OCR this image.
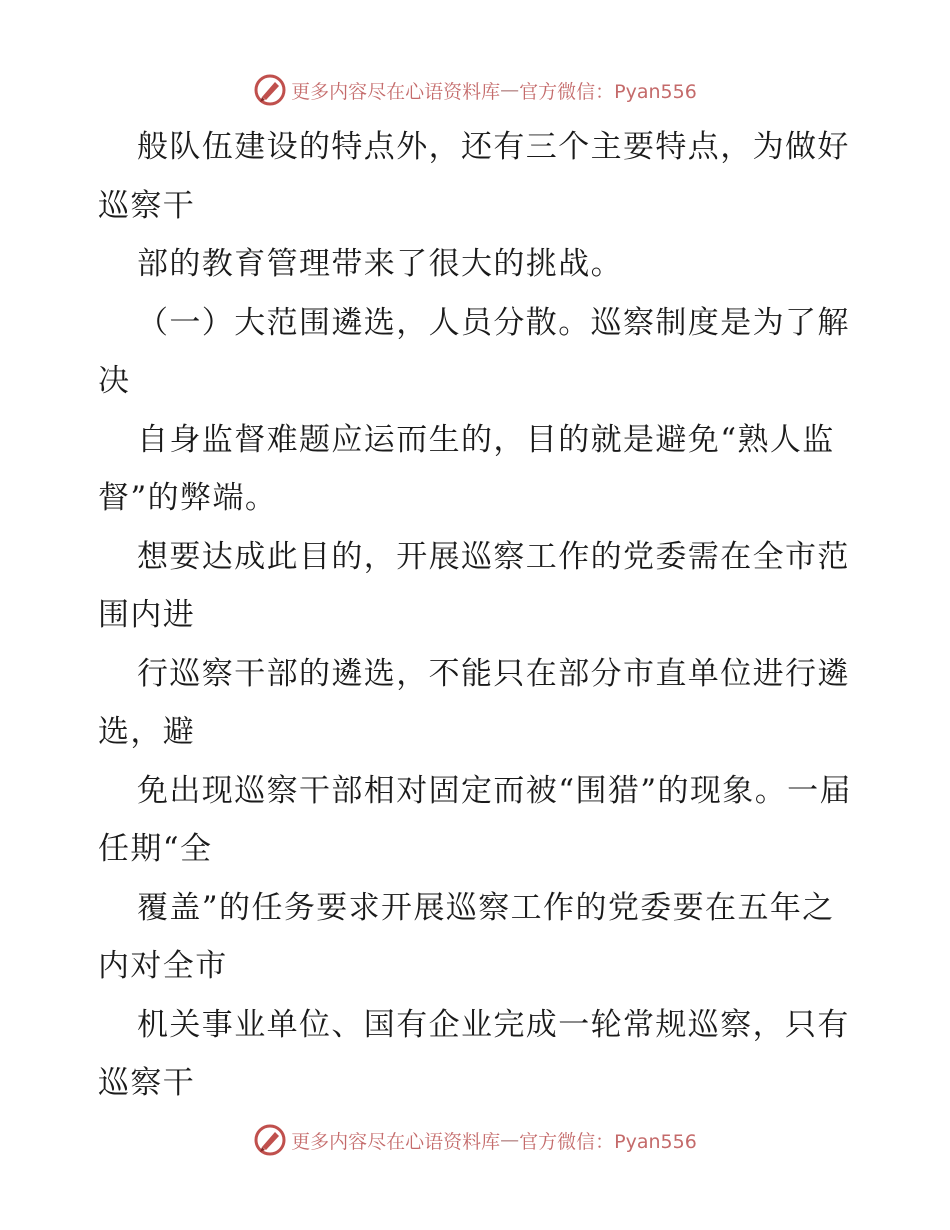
更多内容尽在心语资料库 — 官方微信：Pyan556

般队伍建设的特点外，还有三个主要特点，为做好巡察干

部的教育管理带来了很大的挑战。

（一）大范围遴选，人员分散。巡察制度是为了解决

自身监督难题应运而生的，目的就是避免“熟人监督”的弊端。

想要达成此目的，开展巡察工作的党委需在全市范围内进

行巡察干部的遴选，不能只在部分市直单位进行遴选，避

免出现巡察干部相对固定而被“围猎”的现象。一届任期“全

覆盖”的任务要求开展巡察工作的党委要在五年之内对全市

机关事业单位、国有企业完成一轮常规巡察，只有巡察干

更多内容尽在心语资料库 — 官方微信：Pyan556
